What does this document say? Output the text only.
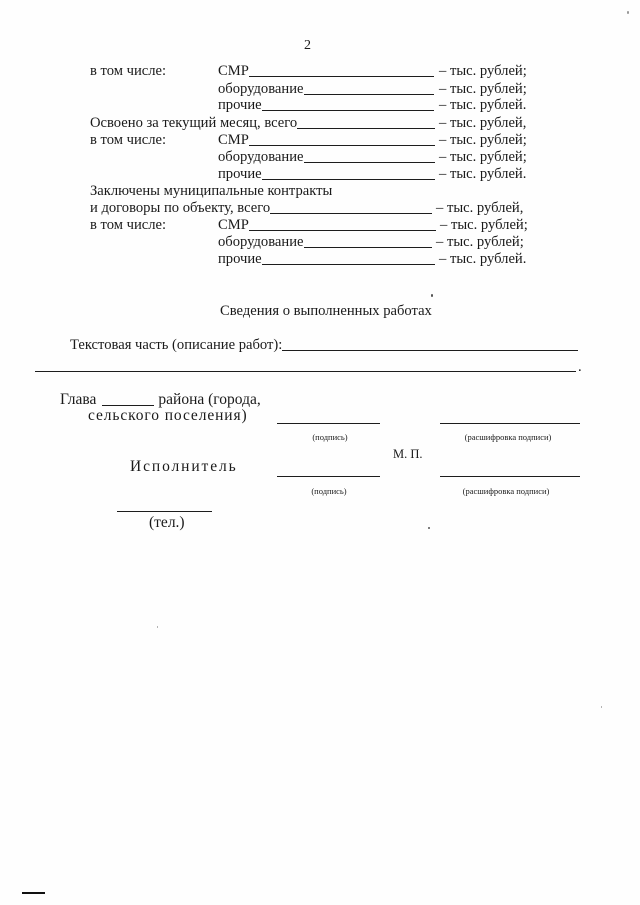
2
в том числе:	СМР	– тыс. рублей;
оборудование	– тыс. рублей;
прочие	– тыс. рублей.
Освоено за текущий месяц, всего	– тыс. рублей,
в том числе:	СМР	– тыс. рублей;
оборудование	– тыс. рублей;
прочие	– тыс. рублей.
Заключены муниципальные контракты
и договоры по объекту, всего	– тыс. рублей,
в том числе:	СМР	– тыс. рублей;
оборудование	– тыс. рублей;
прочие	– тыс. рублей.
Сведения о выполненных работах
Текстовая часть (описание работ):
.
Глава	района (города,
сельского поселения)
(подпись)	(расшифровка подписи)
М. П.
Исполнитель
(подпись)	(расшифровка подписи)
(тел.)
